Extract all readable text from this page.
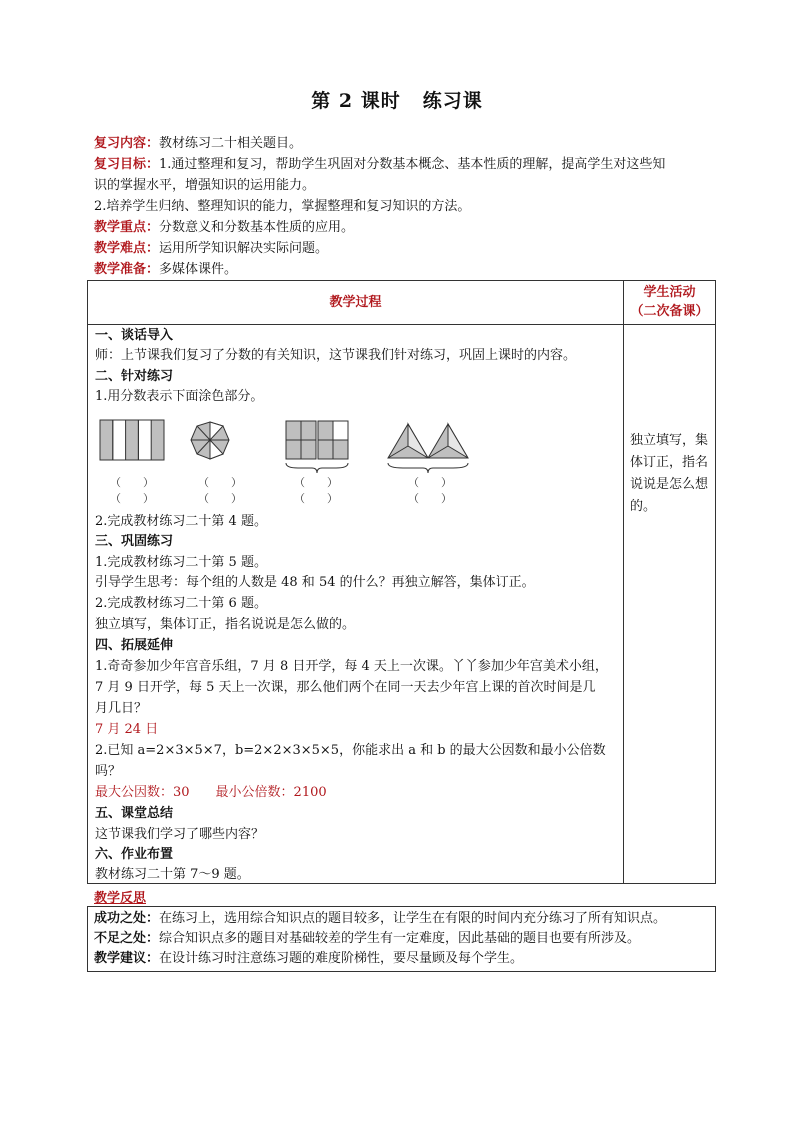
第 2 课时 练习课
复习内容：教材练习二十相关题目。
复习目标：1.通过整理和复习，帮助学生巩固对分数基本概念、基本性质的理解，提高学生对这些知
识的掌握水平，增强知识的运用能力。
2.培养学生归纳、整理知识的能力，掌握整理和复习知识的方法。
教学重点：分数意义和分数基本性质的应用。
教学难点：运用所学知识解决实际问题。
教学准备：多媒体课件。
教学过程
学生活动
（二次备课）
独立填写，集体订正，指名说说是怎么想的。
一、谈话导入
师：上节课我们复习了分数的有关知识，这节课我们针对练习，巩固上课时的内容。
二、针对练习
1.用分数表示下面涂色部分。
（　　）
（　　）
（　　）
（　　）
（　　）
（　　）
（　　）
（　　）
2.完成教材练习二十第 4 题。
三、巩固练习
1.完成教材练习二十第 5 题。
引导学生思考：每个组的人数是 48 和 54 的什么？再独立解答，集体订正。
2.完成教材练习二十第 6 题。
独立填写，集体订正，指名说说是怎么做的。
四、拓展延伸
1.奇奇参加少年宫音乐组，7 月 8 日开学，每 4 天上一次课。丫丫参加少年宫美术小组，
7 月 9 日开学，每 5 天上一次课，那么他们两个在同一天去少年宫上课的首次时间是几
月几日？
7 月 24 日
2.已知 a=2×3×5×7，b=2×2×3×5×5，你能求出 a 和 b 的最大公因数和最小公倍数
吗？
最大公因数：30　　最小公倍数：2100
五、课堂总结
这节课我们学习了哪些内容？
六、作业布置
教材练习二十第 7～9 题。
教学反思
成功之处：在练习上，选用综合知识点的题目较多，让学生在有限的时间内充分练习了所有知识点。
不足之处：综合知识点多的题目对基础较差的学生有一定难度，因此基础的题目也要有所涉及。
教学建议：在设计练习时注意练习题的难度阶梯性，要尽量顾及每个学生。
